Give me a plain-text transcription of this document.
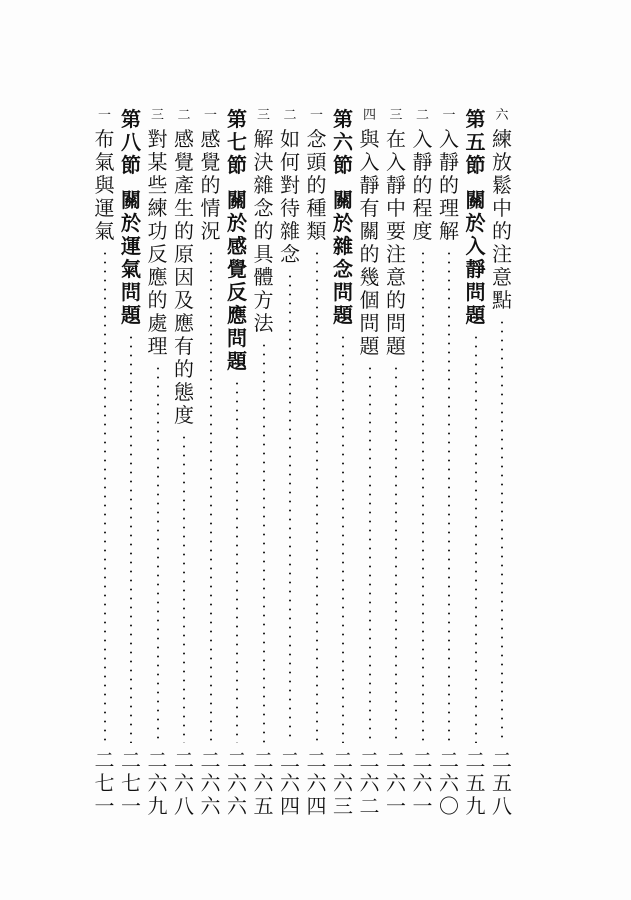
六
練
放
鬆
中
的
注
意
點
二
五
八
第
五
節

關
於
入
靜
問
題
二
五
九
一
入
靜
的
理
解
二
六
〇
二
入
靜
的
程
度
二
六
一
三
在
入
靜
中
要
注
意
的
問
題
二
六
一
四
與
入
靜
有
關
的
幾
個
問
題
二
六
二
第
六
節

關
於
雜
念
問
題
二
六
三
一
念
頭
的
種
類
二
六
四
二
如
何
對
待
雜
念
二
六
四
三
解
決
雜
念
的
具
體
方
法
二
六
五
第
七
節

關
於
感
覺
反
應
問
題
二
六
六
一
感
覺
的
情
況
二
六
六
二
感
覺
產
生
的
原
因
及
應
有
的
態
度
二
六
八
三
對
某
些
練
功
反
應
的
處
理
二
六
九
第
八
節

關
於
運
氣
問
題
二
七
一
一
布
氣
與
運
氣
二
七
一
